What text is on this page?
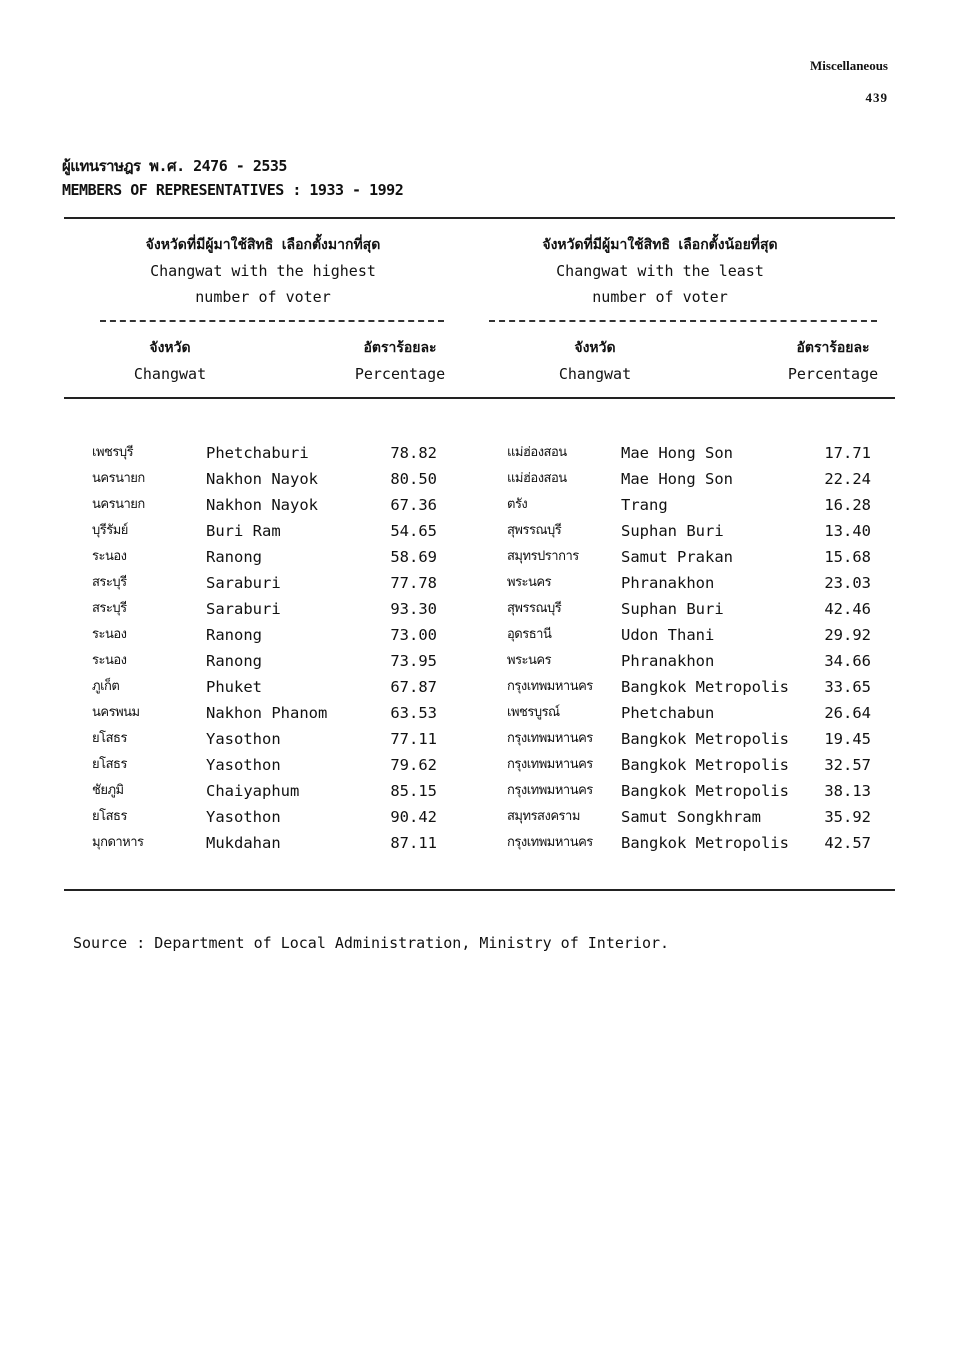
Miscellaneous
439
ผู้แทนราษฎร พ.ศ. 2476 - 2535
MEMBERS OF REPRESENTATIVES : 1933 - 1992
จังหวัดที่มีผู้มาใช้สิทธิ เลือกตั้งมากที่สุด
Changwat with the highest
number of voter
จังหวัดที่มีผู้มาใช้สิทธิ เลือกตั้งน้อยที่สุด
Changwat with the least
number of voter
จังหวัด
Changwat
อัตราร้อยละ
Percentage
จังหวัด
Changwat
อัตราร้อยละ
Percentage
เพชรบุรี	Phetchaburi	78.82	แม่ฮ่องสอน	Mae Hong Son	17.71
นครนายก	Nakhon Nayok	80.50	แม่ฮ่องสอน	Mae Hong Son	22.24
นครนายก	Nakhon Nayok	67.36	ตรัง	Trang	16.28
บุรีรัมย์	Buri Ram	54.65	สุพรรณบุรี	Suphan Buri	13.40
ระนอง	Ranong	58.69	สมุทรปราการ	Samut Prakan	15.68
สระบุรี	Saraburi	77.78	พระนคร	Phranakhon	23.03
สระบุรี	Saraburi	93.30	สุพรรณบุรี	Suphan Buri	42.46
ระนอง	Ranong	73.00	อุดรธานี	Udon Thani	29.92
ระนอง	Ranong	73.95	พระนคร	Phranakhon	34.66
ภูเก็ต	Phuket	67.87	กรุงเทพมหานคร Bangkok Metropolis	33.65
นครพนม	Nakhon Phanom	63.53	เพชรบูรณ์	Phetchabun	26.64
ยโสธร	Yasothon	77.11	กรุงเทพมหานคร Bangkok Metropolis	19.45
ยโสธร	Yasothon	79.62	กรุงเทพมหานคร Bangkok Metropolis	32.57
ชัยภูมิ	Chaiyaphum	85.15	กรุงเทพมหานคร Bangkok Metropolis	38.13
ยโสธร	Yasothon	90.42	สมุทรสงคราม	Samut Songkhram	35.92
มุกดาหาร	Mukdahan	87.11	กรุงเทพมหานคร Bangkok Metropolis	42.57
Source : Department of Local Administration, Ministry of Interior.
